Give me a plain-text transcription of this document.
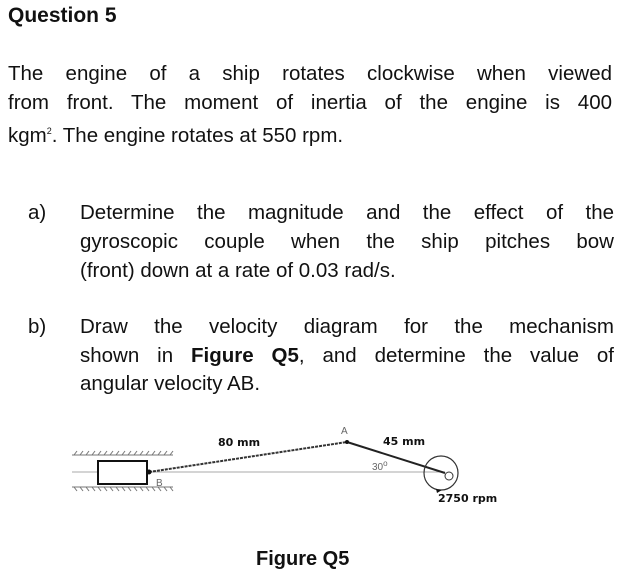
Question 5
The engine of a ship rotates clockwise when viewed
from front. The moment of inertia of the engine is 400
kgm$^2$. The engine rotates at 550 rpm.
a) Determine the magnitude and the effect of the
gyroscopic couple when the ship pitches bow
(front) down at a rate of 0.03 rad/s.
b) Draw the velocity diagram for the mechanism
shown in Figure Q5, and determine the value of
angular velocity AB.
80 mm
A
45 mm
30$^o$
B
2750 rpm
Figure Q5
